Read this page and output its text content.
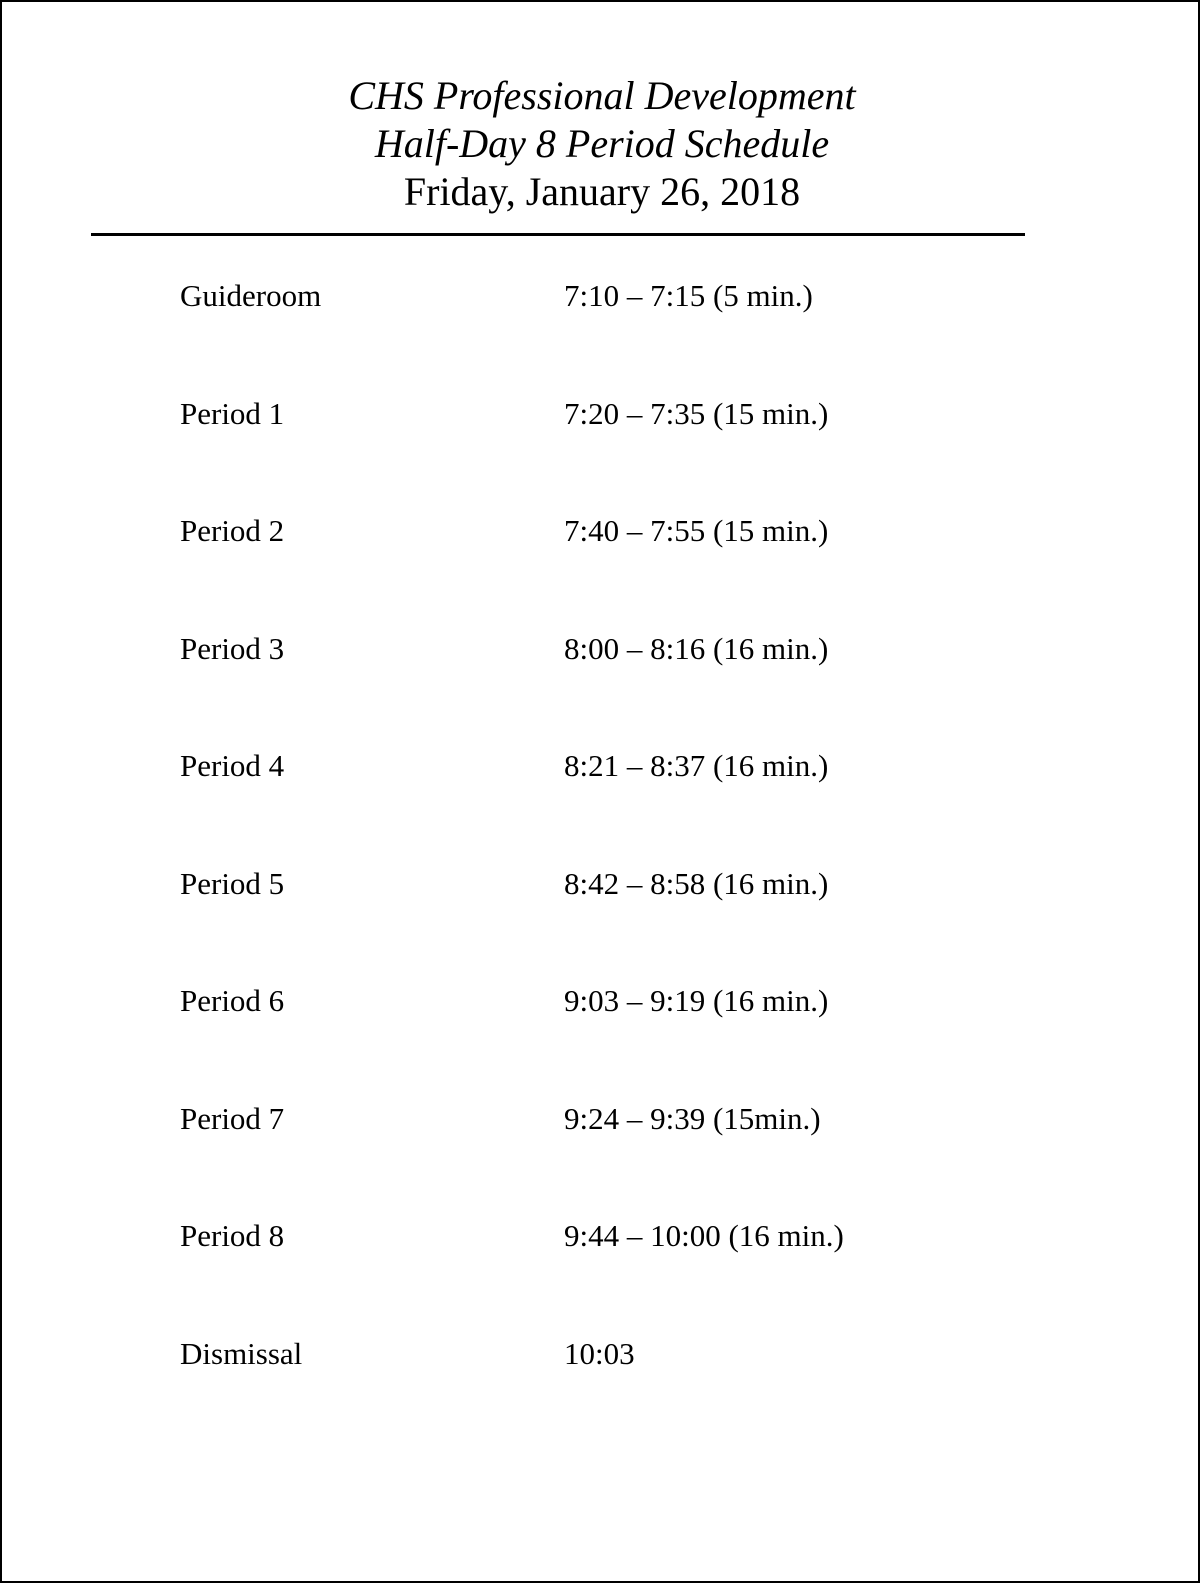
CHS Professional Development
Half-Day 8 Period Schedule
Friday, January 26, 2018
Guideroom	7:10 – 7:15 (5 min.)
Period 1	7:20 – 7:35 (15 min.)
Period 2	7:40 – 7:55 (15 min.)
Period 3	8:00 – 8:16 (16 min.)
Period 4	8:21 – 8:37 (16 min.)
Period 5	8:42 – 8:58 (16 min.)
Period 6	9:03 – 9:19 (16 min.)
Period 7	9:24 – 9:39 (15min.)
Period 8	9:44 – 10:00 (16 min.)
Dismissal	10:03
